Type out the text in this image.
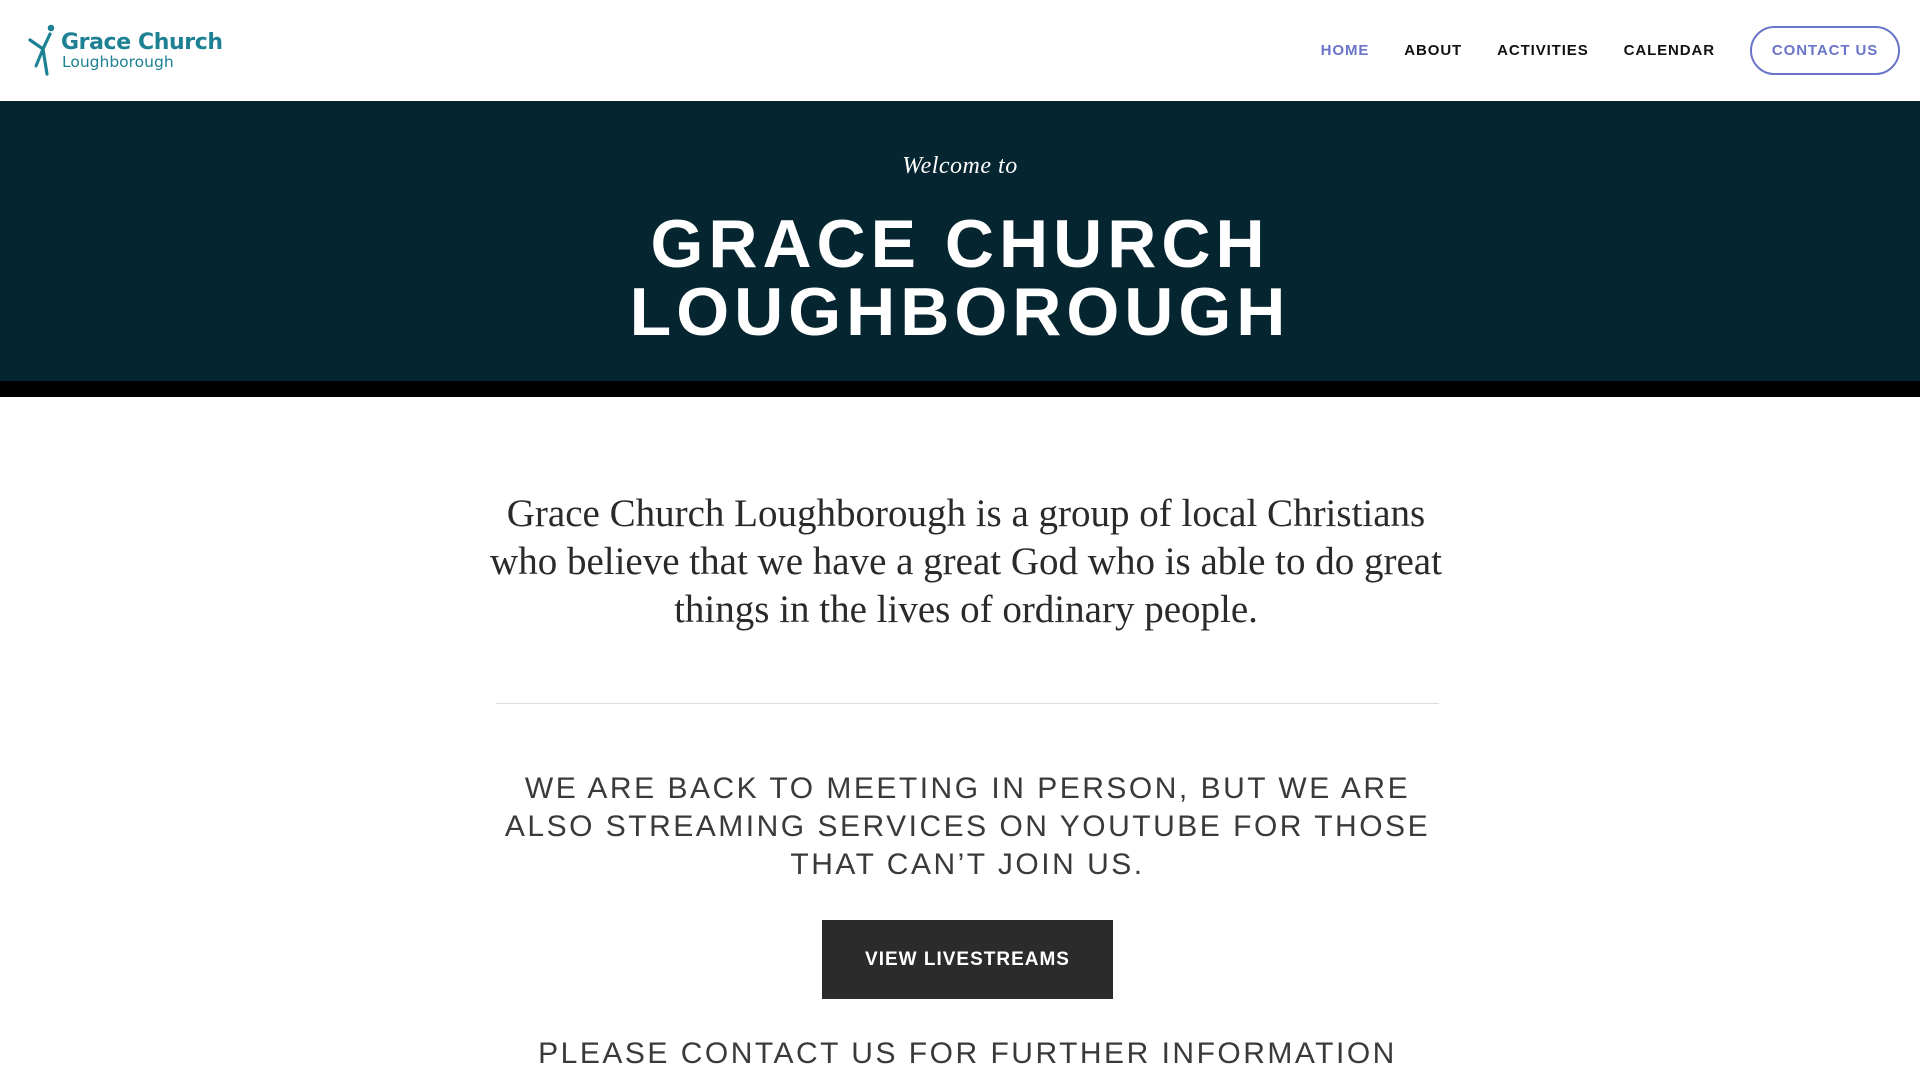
Grace Church
Loughborough
HOME ABOUT ACTIVITIES CALENDAR	CONTACT US
Welcome to
GRACE CHURCH
LOUGHBOROUGH

Grace Church Loughborough is a group of local Christians who believe that we have a great God who is able to do great things in the lives of ordinary people.

WE ARE BACK TO MEETING IN PERSON, BUT WE ARE ALSO STREAMING SERVICES ON YOUTUBE FOR THOSE THAT CAN’T JOIN US.

VIEW LIVESTREAMS

PLEASE CONTACT US FOR FURTHER INFORMATION
